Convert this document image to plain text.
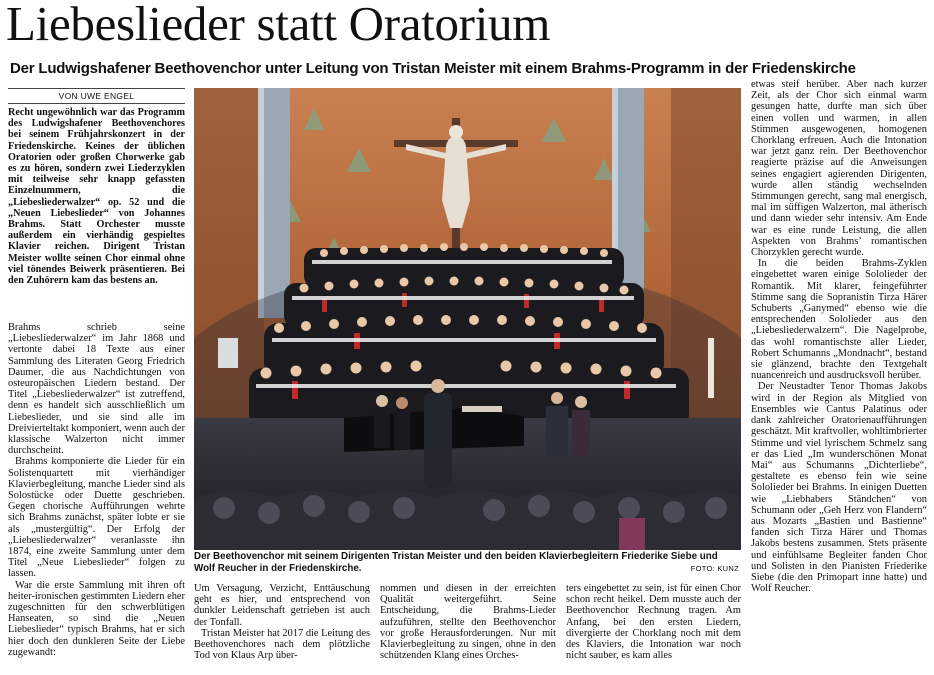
Liebeslieder statt Oratorium
Der Ludwigshafener Beethovenchor unter Leitung von Tristan Meister mit einem Brahms-Programm in der Friedenskirche
VON UWE ENGEL

Recht ungewöhnlich war das Programm des Ludwigshafener Beethovenchores bei seinem Frühjahrskonzert in der Friedenskirche. Keines der üblichen Oratorien oder großen Chorwerke gab es zu hören, sondern zwei Liederzyklen mit teilweise sehr knapp gefassten Einzelnummern, die „Liebesliederwalzer“ op. 52 und die „Neuen Liebeslieder“ von Johannes Brahms. Statt Orchester musste außerdem ein vierhändig gespieltes Klavier reichen. Dirigent Tristan Meister wollte seinen Chor einmal ohne viel tönendes Beiwerk präsentieren. Bei den Zuhörern kam das bestens an.

Brahms schrieb seine „Liebesliederwalzer“ im Jahr 1868 und vertonte dabei 18 Texte aus einer Sammlung des Literaten Georg Friedrich Daumer, die aus Nachdichtungen von osteuropäischen Liedern bestand. Der Titel „Liebesliederwalzer“ ist zutreffend, denn es handelt sich ausschließlich um Liebeslieder, und sie sind alle im Dreivierteltakt komponiert, wenn auch der klassische Walzerton nicht immer durchscheint.

Brahms komponierte die Lieder für ein Solistenquartett mit vierhändiger Klavierbegleitung, manche Lieder sind als Solostücke oder Duette geschrieben. Gegen chorische Aufführungen wehrte sich Brahms zunächst, später lobte er sie als „mustergültig“. Der Erfolg der „Liebesliederwalzer“ veranlasste ihn 1874, eine zweite Sammlung unter dem Titel „Neue Liebeslieder“ folgen zu lassen.

War die erste Sammlung mit ihren oft heiter-ironischen gestimmten Liedern eher zugeschnitten für den schwerblütigen Hanseaten, so sind die „Neuen Liebeslieder“ typisch Brahms, hat er sich hier doch den dunkleren Seite der Liebe zugewandt:

Um Versagung, Verzicht, Enttäuschung geht es hier, und entsprechend von dunkler Leidenschaft getrieben ist auch der Tonfall.

Tristan Meister hat 2017 die Leitung des Beethovenchores nach dem plötzliche Tod von Klaus Arp über-

nommen und diesen in der erreichten Qualität weitergeführt. Seine Entscheidung, die Brahms-Lieder aufzuführen, stellte den Beethovenchor vor große Herausforderungen. Nur mit Klavierbegleitung zu singen, ohne in den schützenden Klang eines Orches-

ters eingebettet zu sein, ist für einen Chor schon recht heikel. Dem musste auch der Beethovenchor Rechnung tragen. Am Anfang, bei den ersten Liedern, divergierte der Chorklang noch mit dem des Klaviers, die Intonation war noch nicht sauber, es kam alles

etwas steif herüber. Aber nach kurzer Zeit, als der Chor sich einmal warm gesungen hatte, durfte man sich über einen vollen und warmen, in allen Stimmen ausgewogenen, homogenen Chorklang erfreuen. Auch die Intonation war jetzt ganz rein. Der Beethovenchor reagierte präzise auf die Anweisungen seines engagiert agierenden Dirigenten, wurde allen ständig wechselnden Stimmungen gerecht, sang mal energisch, mal im süffigen Walzerton, mal ätherisch und dann wieder sehr intensiv. Am Ende war es eine runde Leistung, die allen Aspekten von Brahms’ romantischen Chorzyklen gerecht wurde.

In die beiden Brahms-Zyklen eingebettet waren einige Sololieder der Romantik. Mit klarer, feingeführter Stimme sang die Sopranistin Tirza Härer Schuberts „Ganymed“ ebenso wie die entsprechenden Sololieder aus den „Liebesliederwalzern“. Die Nagelprobe, das wohl romantischste aller Lieder, Robert Schumanns „Mondnacht“, bestand sie glänzend, brachte den Textgehalt nuancenreich und ausdrucksvoll herüber.

Der Neustadter Tenor Thomas Jakobs wird in der Region als Mitglied von Ensembles wie Cantus Palatinus oder dank zahlreicher Oratorienaufführungen geschätzt. Mit kraftvoller, wohltimbrierter Stimme und viel lyrischem Schmelz sang er das Lied „Im wunderschönen Monat Mai“ aus Schumanns „Dichterliebe“, gestaltete es ebenso fein wie seine Sololieder bei Brahms. In einigen Duetten wie „Liebhabers Ständchen“ von Schumann oder „Geh Herz von Flandern“ aus Mozarts „Bastien und Bastienne“ fanden sich Tirza Härer und Thomas Jakobs bestens zusammen. Stets präsente und einfühlsame Begleiter fanden Chor und Solisten in den Pianisten Friederike Siebe (die den Primopart inne hatte) und Wolf Reucher.

Der Beethovenchor mit seinem Dirigenten Tristan Meister und den beiden Klavierbegleitern Friederike Siebe und Wolf Reucher in der Friedenskirche.	FOTO: KUNZ
